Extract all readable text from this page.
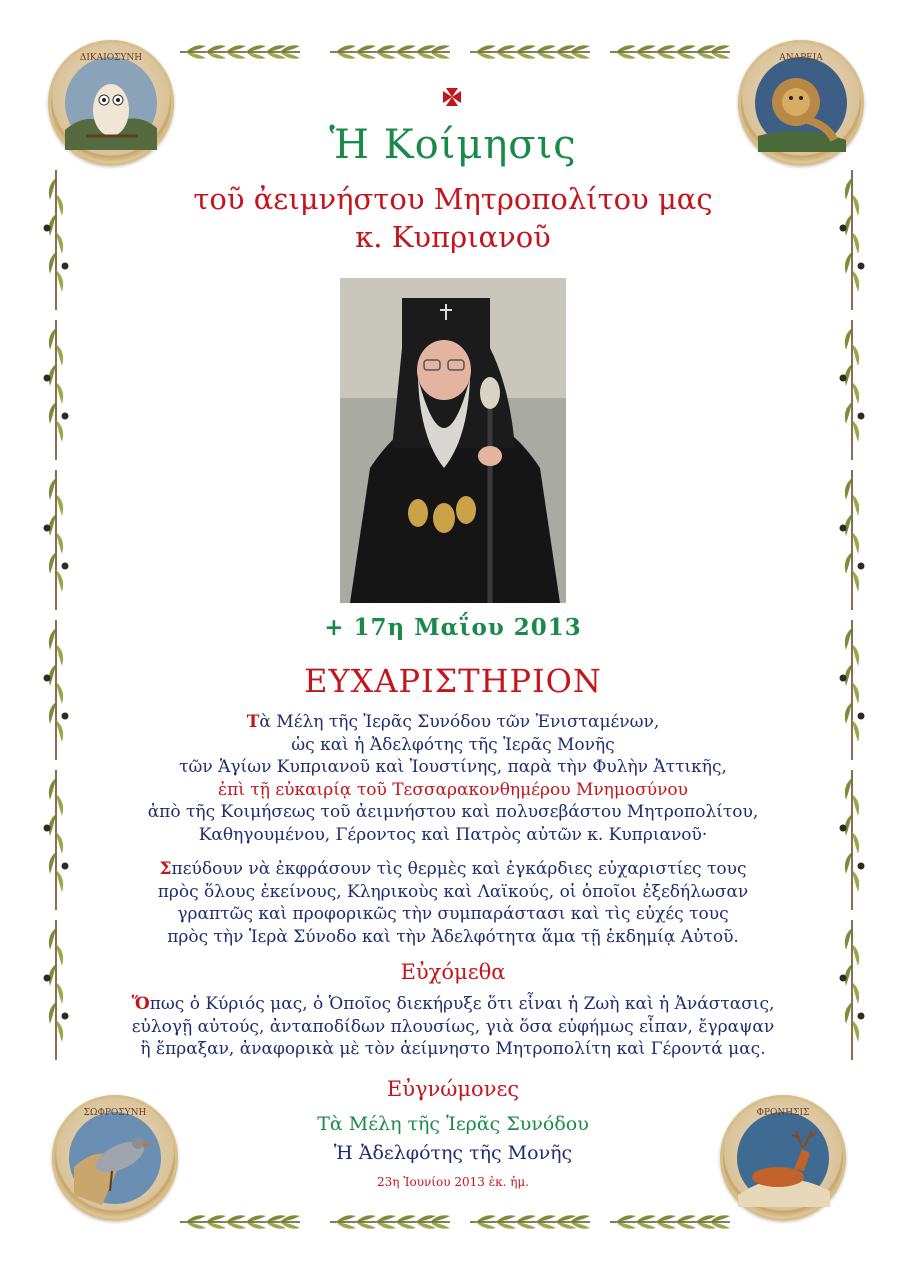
ΔΙΚΑΙΟΣΥΝΗ	ΑΝΔΡΕΙΑ
ΣΩΦΡΟΣΥΝΗ	ΦΡΟΝΗΣΙΣ
Ἡ Κοίμησις
τοῦ ἀειμνήστου Μητροπολίτου μας
κ. Κυπριανοῦ
+ 17η Μαΐου 2013
ΕΥΧΑΡΙΣΤΗΡΙΟΝ
Τὰ Μέλη τῆς Ἱερᾶς Συνόδου τῶν Ἐνισταμένων,
ὡς καὶ ἡ Ἀδελφότης τῆς Ἱερᾶς Μονῆς
τῶν Ἁγίων Κυπριανοῦ καὶ Ἰουστίνης, παρὰ τὴν Φυλὴν Ἀττικῆς,
ἐπὶ τῇ εὐκαιρίᾳ τοῦ Τεσσαρακονθημέρου Μνημοσύνου
ἀπὸ τῆς Κοιμήσεως τοῦ ἀειμνήστου καὶ πολυσεβάστου Μητροπολίτου,
Καθηγουμένου, Γέροντος καὶ Πατρὸς αὐτῶν κ. Κυπριανοῦ·
Σπεύδουν νὰ ἐκφράσουν τὶς θερμὲς καὶ ἐγκάρδιες εὐχαριστίες τους
πρὸς ὅλους ἐκείνους, Κληρικοὺς καὶ Λαϊκούς, οἱ ὁποῖοι ἐξεδήλωσαν
γραπτῶς καὶ προφορικῶς τὴν συμπαράστασι καὶ τὶς εὐχές τους
πρὸς τὴν Ἱερὰ Σύνοδο καὶ τὴν Ἀδελφότητα ἅμα τῇ ἐκδημίᾳ Αὐτοῦ.
Εὐχόμεθα
Ὅπως ὁ Κύριός μας, ὁ Ὁποῖος διεκήρυξε ὅτι εἶναι ἡ Ζωὴ καὶ ἡ Ἀνάστασις,
εὐλογῇ αὐτούς, ἀνταποδίδων πλουσίως, γιὰ ὅσα εὐφήμως εἶπαν, ἔγραψαν
ἢ ἔπραξαν, ἀναφορικὰ μὲ τὸν ἀείμνηστο Μητροπολίτη καὶ Γέροντά μας.
Εὐγνώμονες
Τὰ Μέλη τῆς Ἱερᾶς Συνόδου
Ἡ Ἀδελφότης τῆς Μονῆς
23η Ἰουνίου 2013 ἐκ. ἡμ.
